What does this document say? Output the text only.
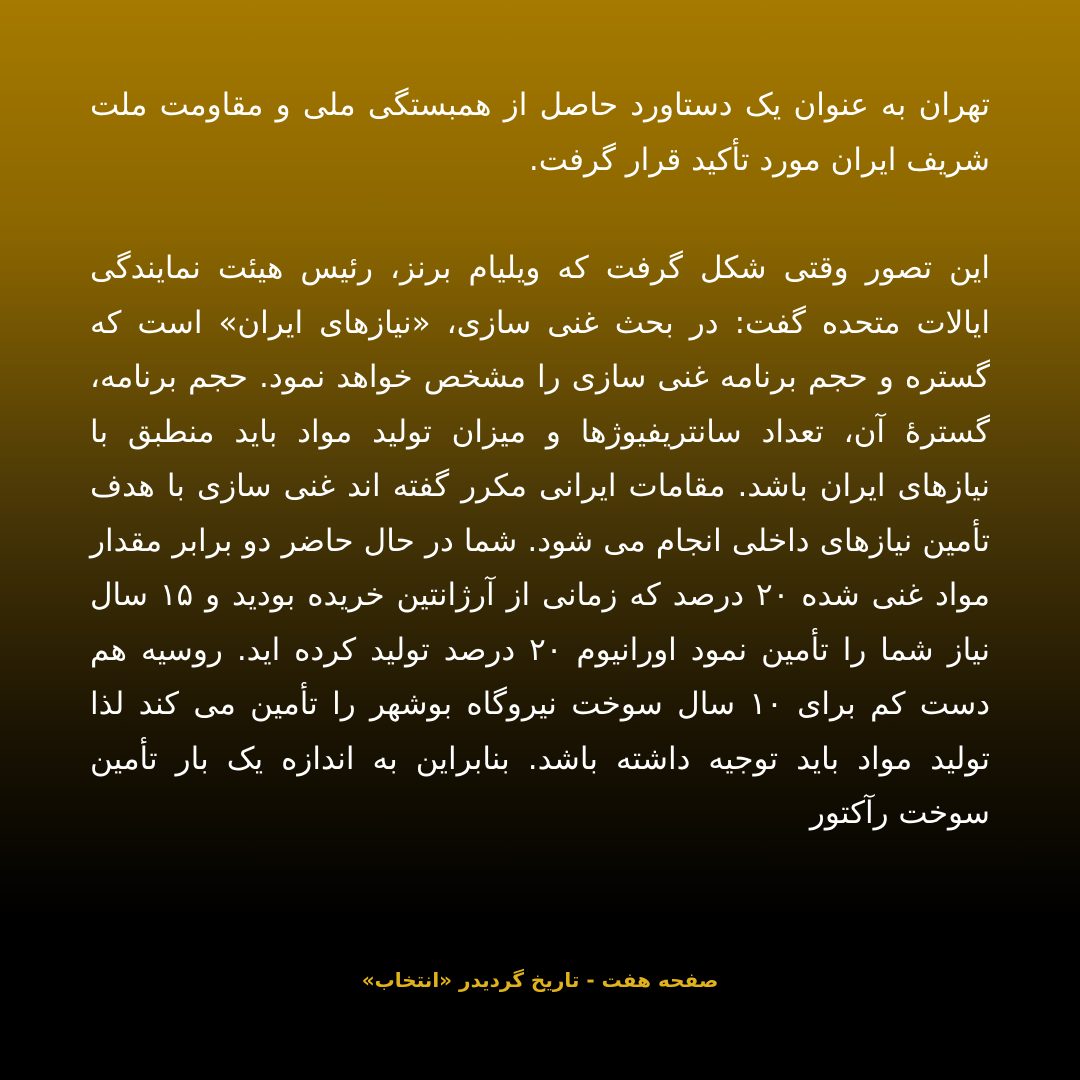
تهران به عنوان یک دستاورد حاصل از همبستگی ملی و مقاومت ملت شریف ایران مورد تأکید قرار گرفت.

این تصور وقتی شکل گرفت که ویلیام برنز، رئیس هیئت نمایندگی ایالات متحده گفت: در بحث غنی سازی، «نیازهای ایران» است که گستره و حجم برنامه غنی سازی را مشخص خواهد نمود. حجم برنامه، گسترۀ آن، تعداد سانتریفیوژها و میزان تولید مواد باید منطبق با نیازهای ایران باشد. مقامات ایرانی مکرر گفته اند غنی سازی با هدف تأمین نیازهای داخلی انجام می شود. شما در حال حاضر دو برابر مقدار مواد غنی شده ۲۰ درصد که زمانی از آرژانتین خریده بودید و ۱۵ سال نیاز شما را تأمین نمود اورانیوم ۲۰ درصد تولید کرده اید. روسیه هم دست کم برای ۱۰ سال سوخت نیروگاه بوشهر را تأمین می کند لذا تولید مواد باید توجیه داشته باشد. بنابراین به اندازه یک بار تأمین سوخت رآکتور

صفحه هفت - تاریخ گردیدر «انتخاب»
